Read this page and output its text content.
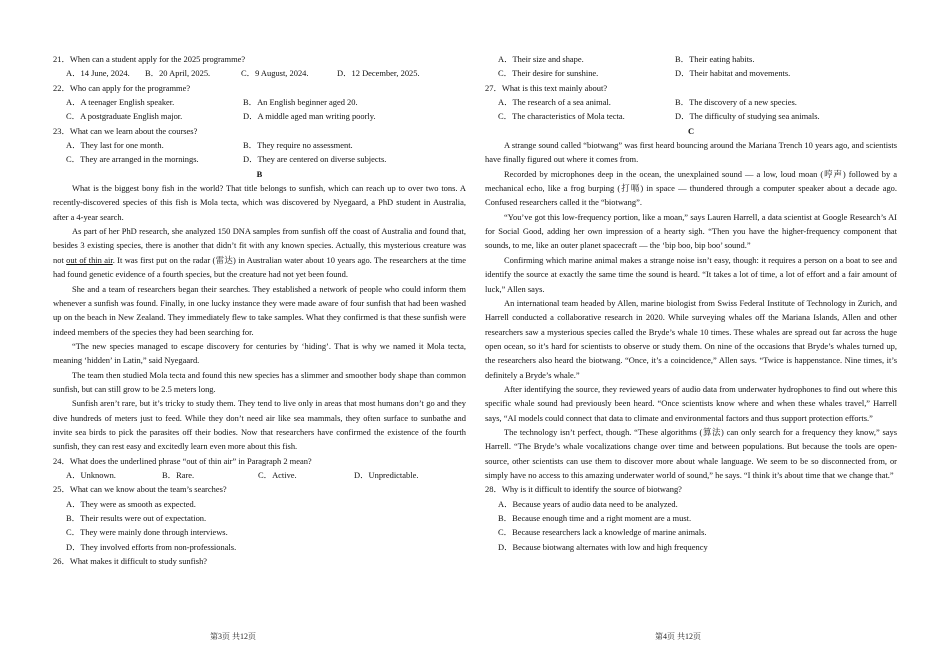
21．When can a student apply for the 2025 programme?
A．14 June, 2024.	B．20 April, 2025.	C．9 August, 2024.	D．12 December, 2025.
22．Who can apply for the programme?
A．A teenager English speaker.	B．An English beginner aged 20.
C．A postgraduate English major.	D．A middle aged man writing poorly.
23．What can we learn about the courses?
A．They last for one month.	B．They require no assessment.
C．They are arranged in the mornings.	D．They are centered on diverse subjects.
B

What is the biggest bony fish in the world? That title belongs to sunfish, which can reach up to over two tons. A recently-discovered species of this fish is Mola tecta, which was discovered by Nyegaard, a PhD student in Australia, after a 4-year search.

As part of her PhD research, she analyzed 150 DNA samples from sunfish off the coast of Australia and found that, besides 3 existing species, there is another that didn’t fit with any known species. Actually, this mysterious creature was not out of thin air. It was first put on the radar (雷达) in Australian water about 10 years ago. The researchers at the time had found genetic evidence of a fourth species, but the creature had not yet been found.

She and a team of researchers began their searches. They established a network of people who could inform them whenever a sunfish was found. Finally, in one lucky instance they were made aware of four sunfish that had been washed up on the beach in New Zealand. They immediately flew to take samples. What they confirmed is that these sunfish were indeed members of the species they had been searching for.

“The new species managed to escape discovery for centuries by ‘hiding’. That is why we named it Mola tecta, meaning ‘hidden’ in Latin,” said Nyegaard.

The team then studied Mola tecta and found this new species has a slimmer and smoother body shape than common sunfish, but can still grow to be 2.5 meters long.

Sunfish aren’t rare, but it’s tricky to study them. They tend to live only in areas that most humans don’t go and they dive hundreds of meters just to feed. While they don’t need air like sea mammals, they often surface to sunbathe and invite sea birds to pick the parasites off their bodies. Now that researchers have confirmed the existence of the fourth sunfish, they can rest easy and excitedly learn even more about this fish.

24．What does the underlined phrase “out of thin air” in Paragraph 2 mean?
A．Unknown.	B．Rare.	C．Active.	D．Unpredictable.
25．What can we know about the team’s searches?
A．They were as smooth as expected.
B．Their results were out of expectation.
C．They were mainly done through interviews.
D．They involved efforts from non-professionals.
26．What makes it difficult to study sunfish?
A．Their size and shape.	B．Their eating habits.
C．Their desire for sunshine.	D．Their habitat and movements.
27．What is this text mainly about?
A．The research of a sea animal.	B．The discovery of a new species.
C．The characteristics of Mola tecta.	D．The difficulty of studying sea animals.
C

A strange sound called “biotwang” was first heard bouncing around the Mariana Trench 10 years ago, and scientists have finally figured out where it comes from.

Recorded by microphones deep in the ocean, the unexplained sound — a low, loud moan (哼声) followed by a mechanical echo, like a frog burping (打嗝) in space — thundered through a computer speaker about a decade ago. Confused researchers called it the “biotwang”.

“You’ve got this low-frequency portion, like a moan,” says Lauren Harrell, a data scientist at Google Research’s AI for Social Good, adding her own impression of a hearty sigh. “Then you have the higher-frequency component that sounds, to me, like an outer planet spacecraft — the ‘bip boo, bip boo’ sound.”

Confirming which marine animal makes a strange noise isn’t easy, though: it requires a person on a boat to see and identify the source at exactly the same time the sound is heard. “It takes a lot of time, a lot of effort and a fair amount of luck,” Allen says.

An international team headed by Allen, marine biologist from Swiss Federal Institute of Technology in Zurich, and Harrell conducted a collaborative research in 2020. While surveying whales off the Mariana Islands, Allen and other researchers saw a mysterious species called the Bryde’s whale 10 times. These whales are spread out far across the huge open ocean, so it’s hard for scientists to observe or study them. On nine of the occasions that Bryde’s whales turned up, the researchers also heard the biotwang. “Once, it’s a coincidence,” Allen says. “Twice is happenstance. Nine times, it’s definitely a Bryde’s whale.”

After identifying the source, they reviewed years of audio data from underwater hydrophones to find out where this specific whale sound had previously been heard. “Once scientists know where and when these whales travel,” Harrell says, “AI models could connect that data to climate and environmental factors and thus support protection efforts.”

The technology isn’t perfect, though. “These algorithms (算法) can only search for a frequency they know,” says Harrell. “The Bryde’s whale vocalizations change over time and between populations. But because the tools are open-source, other scientists can use them to discover more about whale language. We seem to be so disconnected from, or simply have no access to this amazing underwater world of sound,” he says. “I think it’s about time that we change that.”

28．Why is it difficult to identify the source of biotwang?
A．Because years of audio data need to be analyzed.
B．Because enough time and a right moment are a must.
C．Because researchers lack a knowledge of marine animals.
D．Because biotwang alternates with low and high frequency
第3页 共12页	第4页 共12页
